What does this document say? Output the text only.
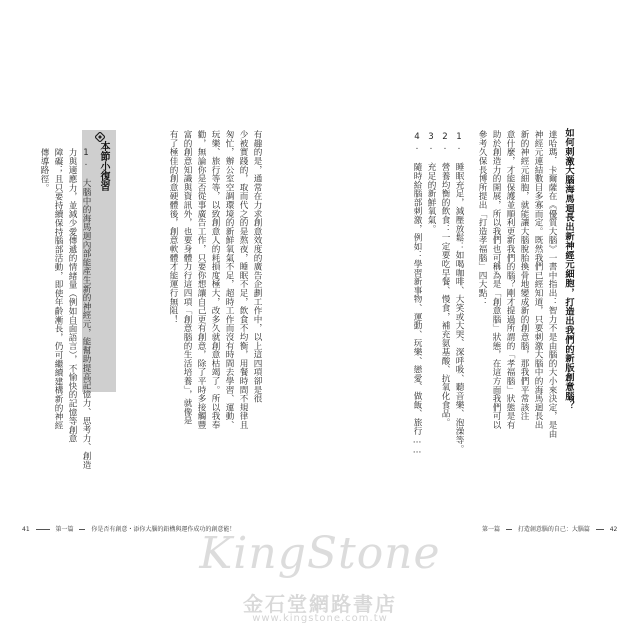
如何刺激大腦海馬迴長出新神經元細胞，打造出我們的新版創意腦？
達哈瑪．卡爾薩在《優質大腦》一書中指出：智力不是由腦的大小來決定，是由
神經元連結數目多寡而定。既然我們已經知道，只要刺激大腦中的海馬迴長出
新的神經元細胞，就能讓大腦脫胎換骨地變成新的創意腦，那我們平常該注
意什麼，才能保護並順利更新我們的腦？剛才提過所謂的「孝福腦」狀態是有
助於創造力的開展，所以我們也可稱為是「創意腦」狀態，在這方面我們可以
參考久保長博所提出「打造孝福腦」四大點：
1. 睡眠充足，減壓放鬆：如喝咖啡、大笑或大哭、深呼吸、聽音樂、泡澡等。
2. 營養均衡的飲食：一定要吃早餐、慢食，補充氨基酸、抗氧化食品。
3. 充足的新鮮氧氣。
4. 隨時給腦部刺激，例如：學習新事物、運動、玩樂、戀愛、做飯、旅行……
有趣的是，通常在力求創意效度的廣告企劃工作中，以上這四項卻是很
少被實踐的，取而代之的是熬夜，睡眠不足，飲食不均衡，用餐時間不規律且
匆忙，辦公室空調環境的新鮮氧氣不足，超時工作而沒有時間去學習、運動、
玩樂、旅行等等，以致創意人的耗損度極大，改多久就創意枯竭了。所以我奉
勸，無論你是否從事廣告工作，只要你想讓自己更有創意，除了平時多接觸豐
富的創意知識與資訊外，也要身體力行這四項「創意腦的生活培養」，就像是
有了極佳的創意硬體後，創意軟體才能運行無阻！
本節小復習
1. 大腦中的海馬迴內部能產生新的神經元，能幫助提高記憶力、思考力、創造
力與適應力，並減少愛傳遞的情緒量（例如自面語言），不愉快的記憶等創意
障礙；且只要持續保持腦部活動，即使年齡漸長，仍可繼續建構新的神經
傳導路徑。
41	第一篇	你是否有創意・添你大腦的鉛構與運作成功的創意能！	第一篇	打造創意腦的自己：大腦篇	42
KingStone
金石堂網路書店
www.kingstone.com.tw
